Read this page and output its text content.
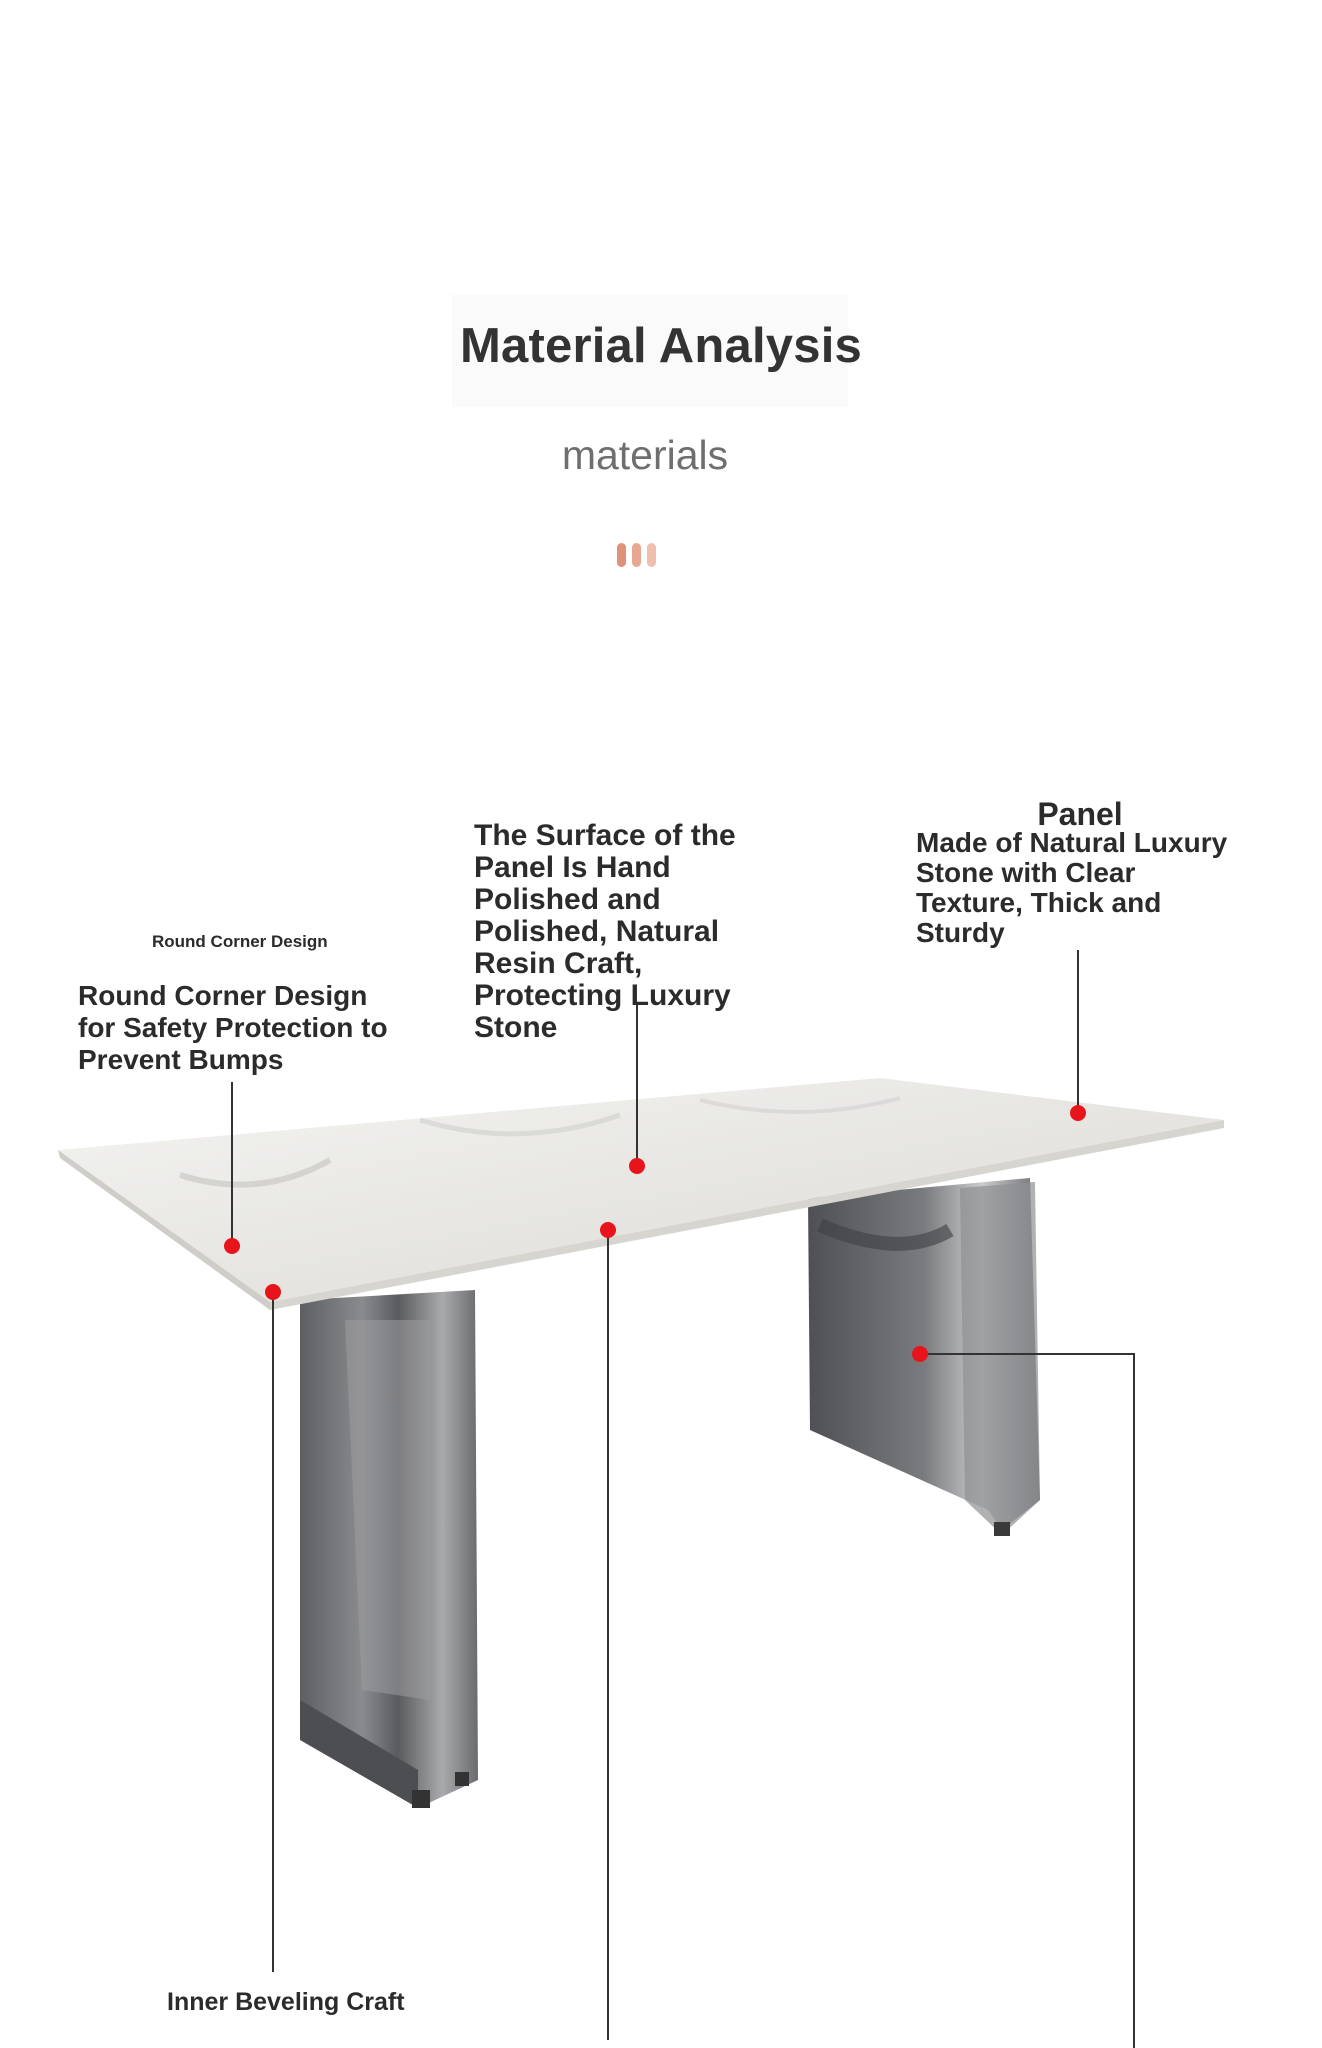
Material Analysis
materials
Round Corner Design
Round Corner Design for Safety Protection to Prevent Bumps
The Surface of the Panel Is Hand Polished and Polished, Natural Resin Craft, Protecting Luxury Stone
Panel
Made of Natural Luxury Stone with Clear Texture, Thick and Sturdy
Inner Beveling Craft
